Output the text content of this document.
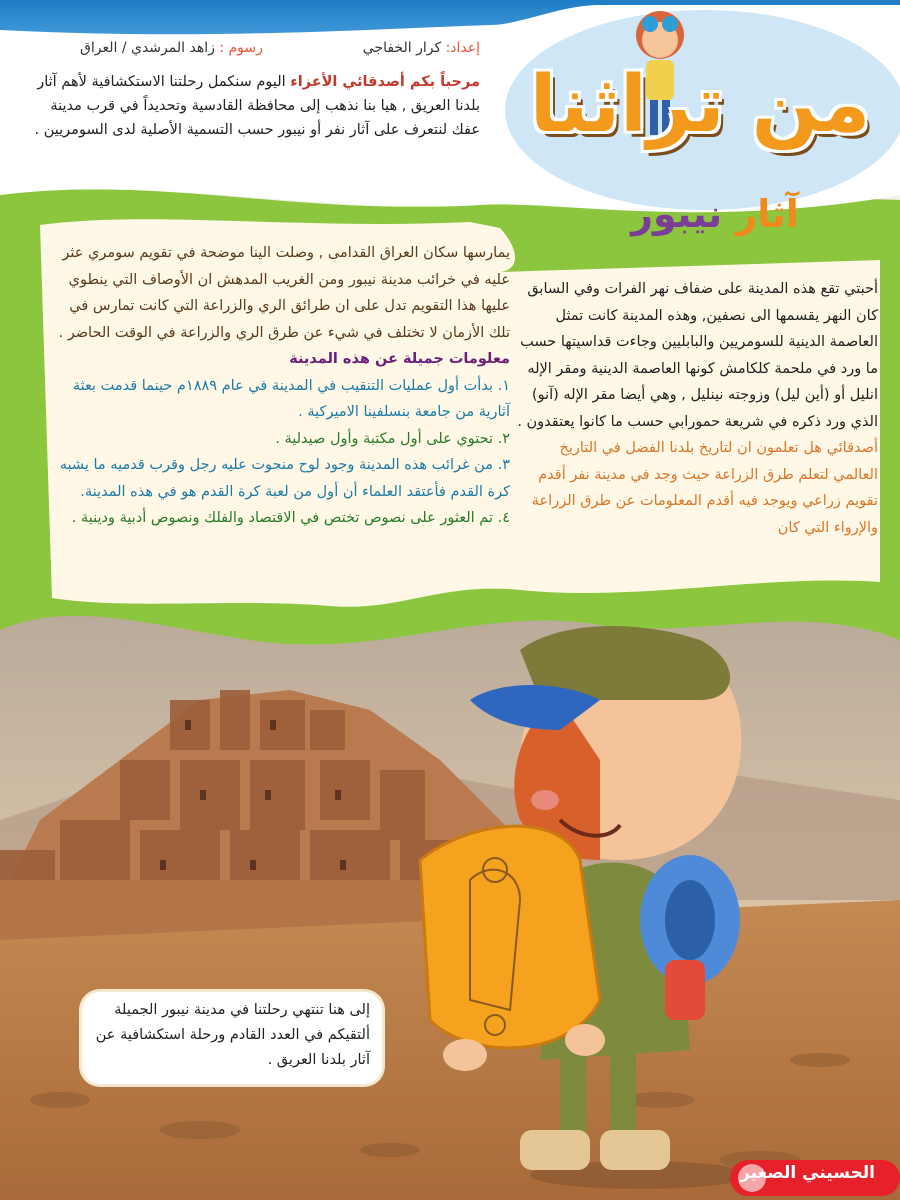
إعداد: كرار الخفاجي
رسوم : زاهد المرشدي / العراق
مرحباً بكم أصدقائي الأعزاء اليوم سنكمل رحلتنا الاستكشافية لأهم آثار بلدنا العريق , هيا بنا نذهب إلى محافظة القادسية وتحديداً في قرب مدينة عفك لنتعرف على آثار نفر أو نيبور حسب التسمية الأصلية لدى السومريين . من تراثنا
آثار نيبور
يمارسها سكان العراق القدامى , وصلت الينا موضحة في تقويم سومري عثر عليه في خرائب مدينة نيبور ومن الغريب المدهش ان الأوصاف التي ينطوي عليها هذا التقويم تدل على ان طرائق الري والزراعة التي كانت تمارس في تلك الأزمان لا تختلف في شيء عن طرق الري والزراعة في الوقت الحاضر .
معلومات جميلة عن هذه المدينة
١. بدأت أول عمليات التنقيب في المدينة في عام ١٨٨٩م حينما قدمت بعثة آثارية من جامعة بنسلفينا الاميركية .
٢. تحتوي على أول مكتبة وأول صيدلية .
٣. من غرائب هذه المدينة وجود لوح منحوت عليه رجل وقرب قدميه ما يشبه كرة القدم فأعتقد العلماء أن أول من لعبة كرة القدم هو في هذه المدينة.
٤. تم العثور على نصوص تختص في الاقتصاد والفلك ونصوص أدبية ودينية .
أحبتي تقع هذه المدينة على ضفاف نهر الفرات وفي السابق كان النهر يقسمها الى نصفين, وهذه المدينة كانت تمثل العاصمة الدينية للسومريين والبابليين وجاءت قداسيتها حسب ما ورد في ملحمة كلكامش كونها العاصمة الدينية ومقر الإله انليل أو (أين ليل) وزوجته نينليل , وهي أيضا مقر الإله (آنو) الذي ورد ذكره في شريعة حمورابي حسب ما كانوا يعتقدون .
أصدقائي هل تعلمون ان لتاريخ بلدنا الفضل في التاريخ العالمي لتعلم طرق الزراعة حيث وجد في مدينة نفر أقدم تقويم زراعي ويوجد فيه أقدم المعلومات عن طرق الزراعة والإرواء التي كان
إلى هنا تنتهي رحلتنا في مدينة نيبور الجميلة ألتقيكم في العدد القادم ورحلة استكشافية عن آثار بلدنا العريق .
الحسيني الصغير
